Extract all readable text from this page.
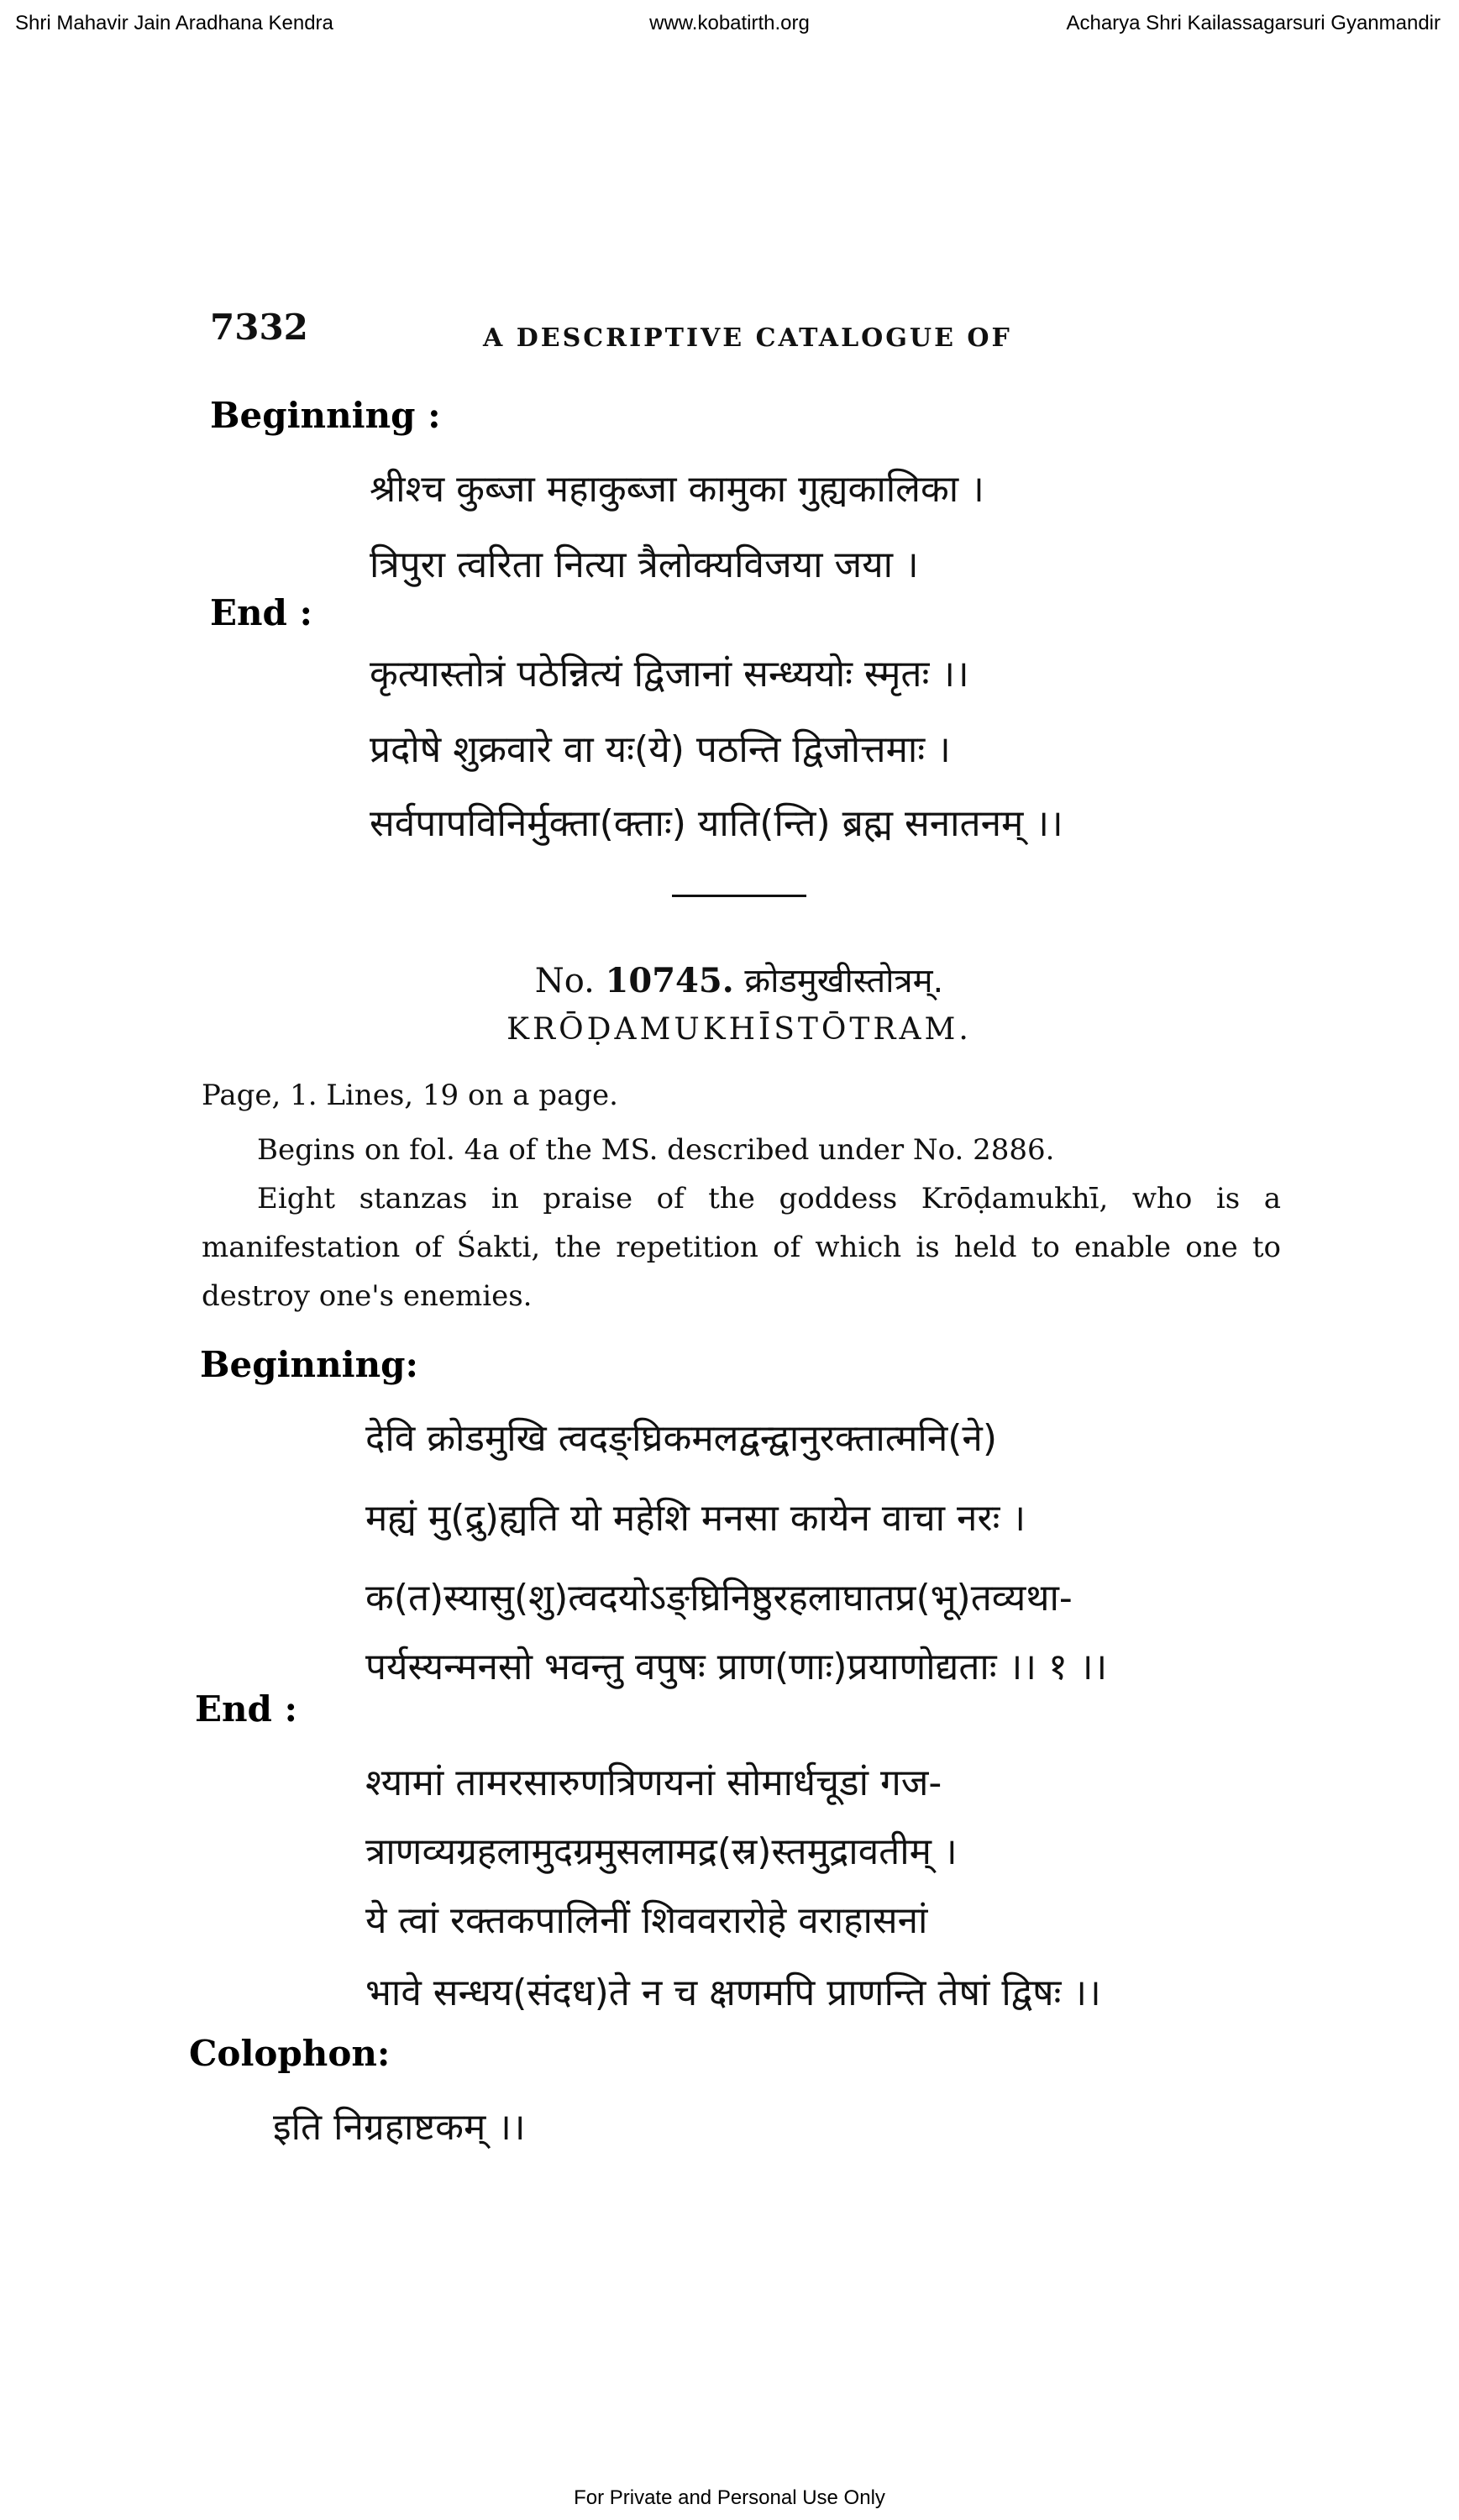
Shri Mahavir Jain Aradhana Kendra	www.kobatirth.org	Acharya Shri Kailassagarsuri Gyanmandir
7332	A DESCRIPTIVE CATALOGUE OF
Beginning :
श्रीश्च कुब्जा महाकुब्जा कामुका गुह्यकालिका ।
त्रिपुरा त्वरिता नित्या त्रैलोक्यविजया जया ।
End :
कृत्यास्तोत्रं पठेन्नित्यं द्विजानां सन्ध्ययोः स्मृतः ।।
प्रदोषे शुक्रवारे वा यः(ये) पठन्ति द्विजोत्तमाः ।
सर्वपापविनिर्मुक्ता(क्ताः) याति(न्ति) ब्रह्म सनातनम् ।।
No. 10745. क्रोडमुखीस्तोत्रम्.
KRŌḌAMUKHĪSTŌTRAM.
Page, 1. Lines, 19 on a page.
Begins on fol. 4a of the MS. described under No. 2886.
Eight stanzas in praise of the goddess Krōḍamukhī, who is a manifestation of Śakti, the repetition of which is held to enable one to destroy one's enemies.
Beginning:
देवि क्रोडमुखि त्वदङ्घ्रिकमलद्वन्द्वानुरक्तात्मनि(ने)
मह्यं मु(द्रु)ह्यति यो महेशि मनसा कायेन वाचा नरः ।
क(त)स्यासु(शु)त्वदयोऽङ्घ्रिनिष्ठुरहलाघातप्र(भू)तव्यथा-
पर्यस्यन्मनसो भवन्तु वपुषः प्राण(णाः)प्रयाणोद्यताः ।। १ ।।
End :
श्यामां तामरसारुणत्रिणयनां सोमार्धचूडां गज-
त्राणव्यग्रहलामुदग्रमुसलामद्र(स्र)स्तमुद्रावतीम् ।
ये त्वां रक्तकपालिनीं शिववरारोहे वराहासनां
भावे सन्धय(संदध)ते न च क्षणमपि प्राणन्ति तेषां द्विषः ।।
Colophon:
इति निग्रहाष्टकम् ।।
For Private and Personal Use Only
